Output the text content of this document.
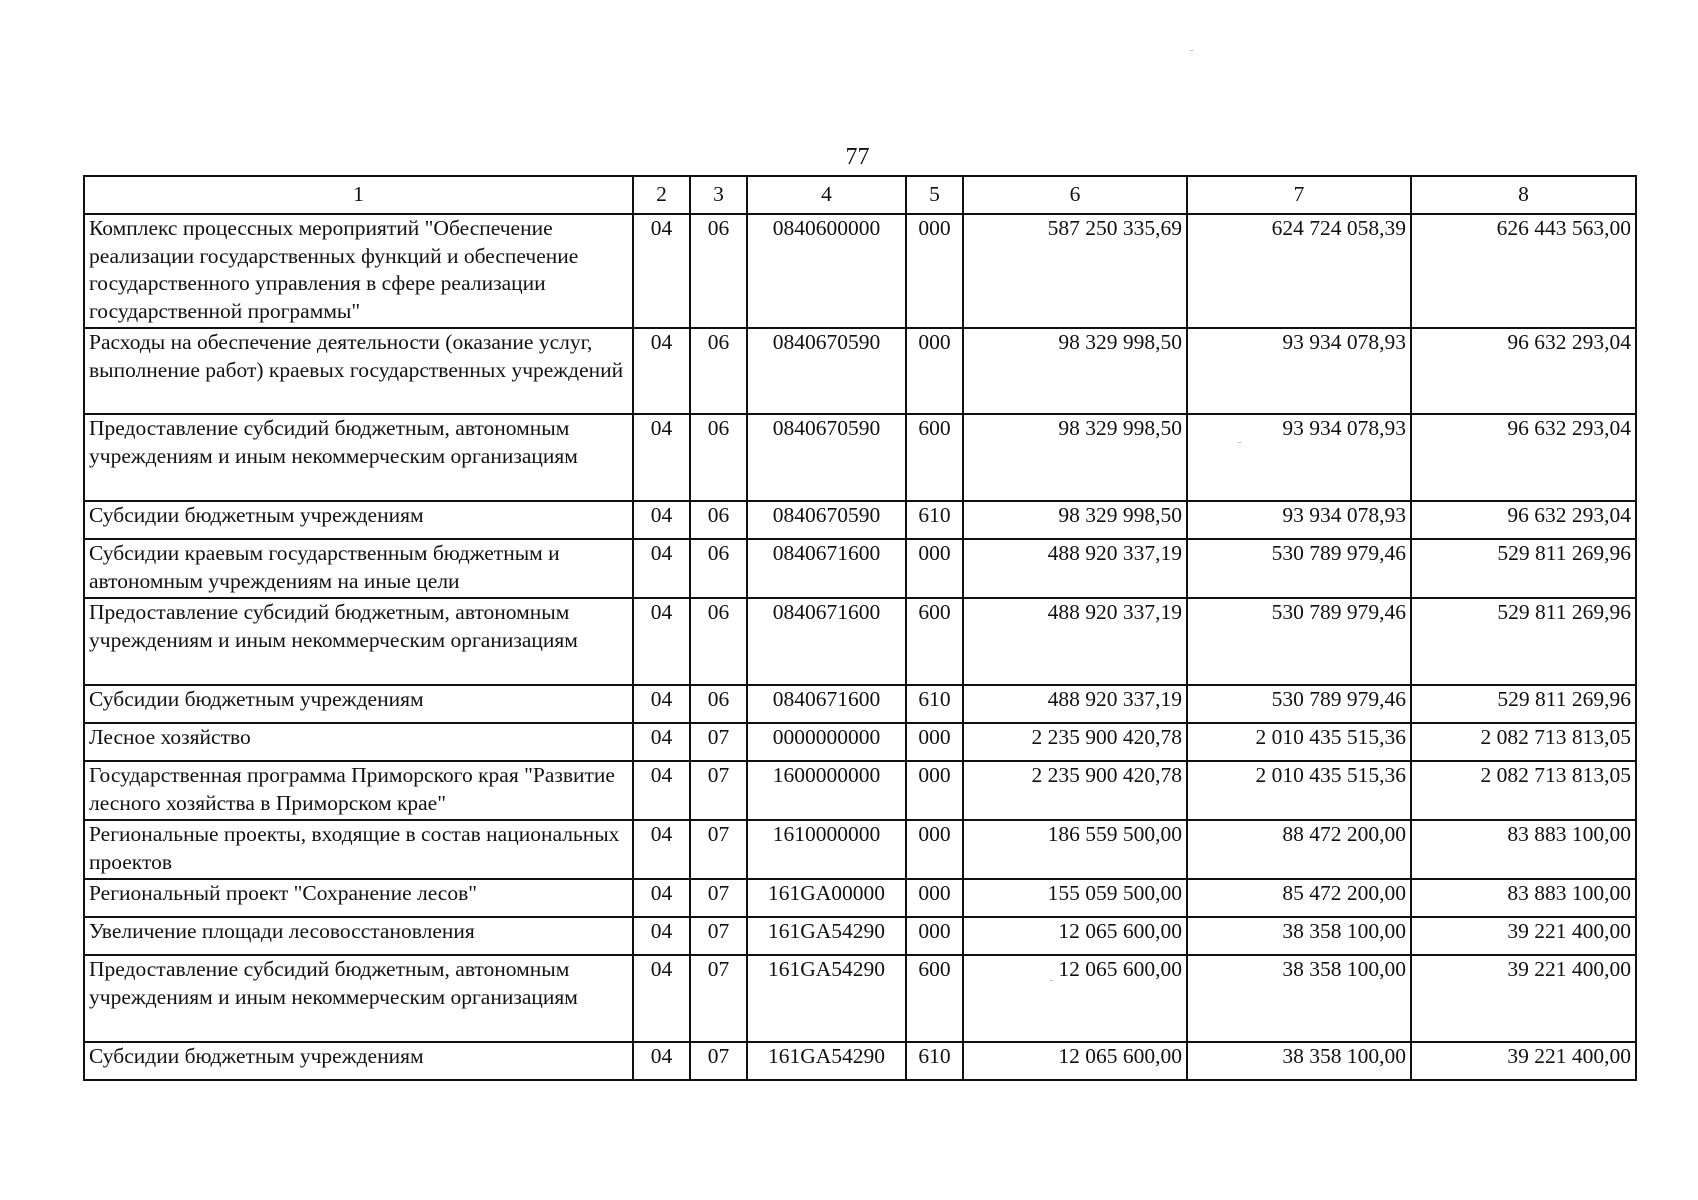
77
1	2	3	4	5	6	7	8
Комплекс процессных мероприятий "Обеспечение реализации государственных функций и обеспечение государственного управления в сфере реализации государственной программы"	04	06	0840600000	000	587 250 335,69	624 724 058,39	626 443 563,00
Расходы на обеспечение деятельности (оказание услуг, выполнение работ) краевых государственных учреждений	04	06	0840670590	000	98 329 998,50	93 934 078,93	96 632 293,04
Предоставление субсидий бюджетным, автономным учреждениям и иным некоммерческим организациям	04	06	0840670590	600	98 329 998,50	93 934 078,93	96 632 293,04
Субсидии бюджетным учреждениям	04	06	0840670590	610	98 329 998,50	93 934 078,93	96 632 293,04
Субсидии краевым государственным бюджетным и автономным учреждениям на иные цели	04	06	0840671600	000	488 920 337,19	530 789 979,46	529 811 269,96
Предоставление субсидий бюджетным, автономным учреждениям и иным некоммерческим организациям	04	06	0840671600	600	488 920 337,19	530 789 979,46	529 811 269,96
Субсидии бюджетным учреждениям	04	06	0840671600	610	488 920 337,19	530 789 979,46	529 811 269,96
Лесное хозяйство	04	07	0000000000	000	2 235 900 420,78	2 010 435 515,36	2 082 713 813,05
Государственная программа Приморского края "Развитие лесного хозяйства в Приморском крае"	04	07	1600000000	000	2 235 900 420,78	2 010 435 515,36	2 082 713 813,05
Региональные проекты, входящие в состав национальных проектов	04	07	1610000000	000	186 559 500,00	88 472 200,00	83 883 100,00
Региональный проект "Сохранение лесов"	04	07	161GA00000	000	155 059 500,00	85 472 200,00	83 883 100,00
Увеличение площади лесовосстановления	04	07	161GA54290	000	12 065 600,00	38 358 100,00	39 221 400,00
Предоставление субсидий бюджетным, автономным учреждениям и иным некоммерческим организациям	04	07	161GA54290	600	12 065 600,00	38 358 100,00	39 221 400,00
Субсидии бюджетным учреждениям	04	07	161GA54290	610	12 065 600,00	38 358 100,00	39 221 400,00
